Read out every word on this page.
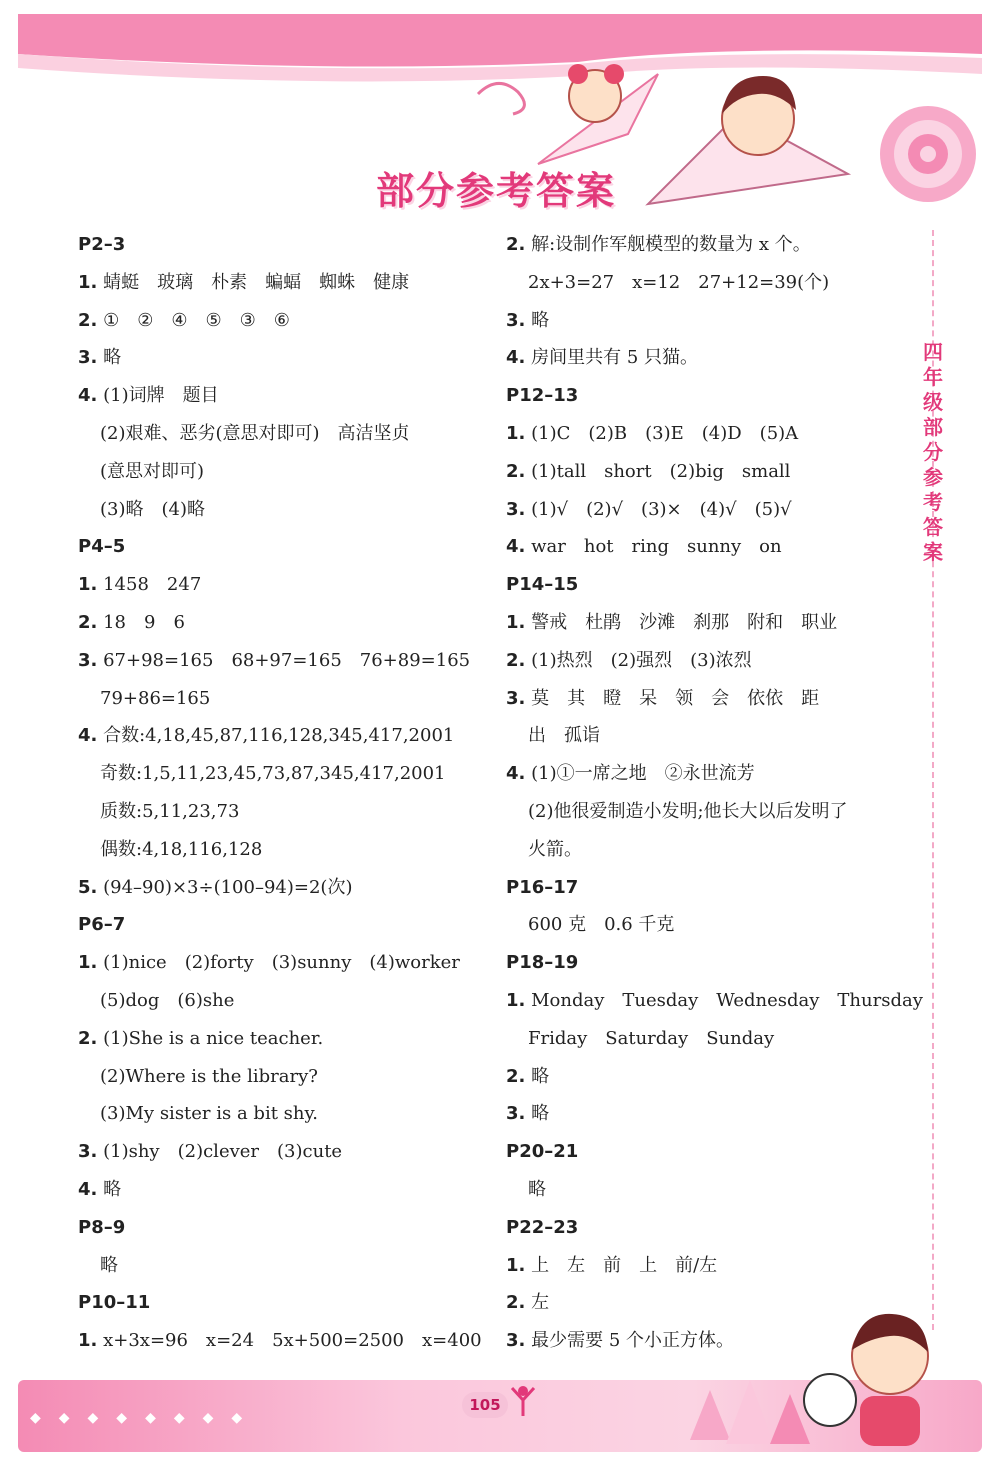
部分参考答案
四
年
级
部
分
参
考
答
案
P2–3
1. 蜻蜓　玻璃　朴素　蝙蝠　蜘蛛　健康
2. ①　②　④　⑤　③　⑥
3. 略
4. (1)词牌　题目
(2)艰难、恶劣(意思对即可)　高洁坚贞
(意思对即可)
(3)略　(4)略
P4–5
1. 1458　247
2. 18　9　6
3. 67+98=165　68+97=165　76+89=165
79+86=165
4. 合数:4,18,45,87,116,128,345,417,2001
奇数:1,5,11,23,45,73,87,345,417,2001
质数:5,11,23,73
偶数:4,18,116,128
5. (94–90)×3÷(100–94)=2(次)
P6–7
1. (1)nice　(2)forty　(3)sunny　(4)worker
(5)dog　(6)she
2. (1)She is a nice teacher.
(2)Where is the library?
(3)My sister is a bit shy.
3. (1)shy　(2)clever　(3)cute
4. 略
P8–9
略
P10–11
1. x+3x=96　x=24　5x+500=2500　x=400
2. 解:设制作军舰模型的数量为 x 个。
2x+3=27　x=12　27+12=39(个)
3. 略
4. 房间里共有 5 只猫。
P12–13
1. (1)C　(2)B　(3)E　(4)D　(5)A
2. (1)tall　short　(2)big　small
3. (1)√　(2)√　(3)×　(4)√　(5)√
4. war　hot　ring　sunny　on
P14–15
1. 警戒　杜鹃　沙滩　刹那　附和　职业
2. (1)热烈　(2)强烈　(3)浓烈
3. 莫　其　瞪　呆　领　会　依依　距
出　孤诣
4. (1)①一席之地　②永世流芳
(2)他很爱制造小发明;他长大以后发明了
火箭。
P16–17
600 克　0.6 千克
P18–19
1. Monday　Tuesday　Wednesday　Thursday
Friday　Saturday　Sunday
2. 略
3. 略
P20–21
略
P22–23
1. 上　左　前　上　前/左
2. 左
3. 最少需要 5 个小正方体。
◆◆◆◆◆◆◆◆
105
